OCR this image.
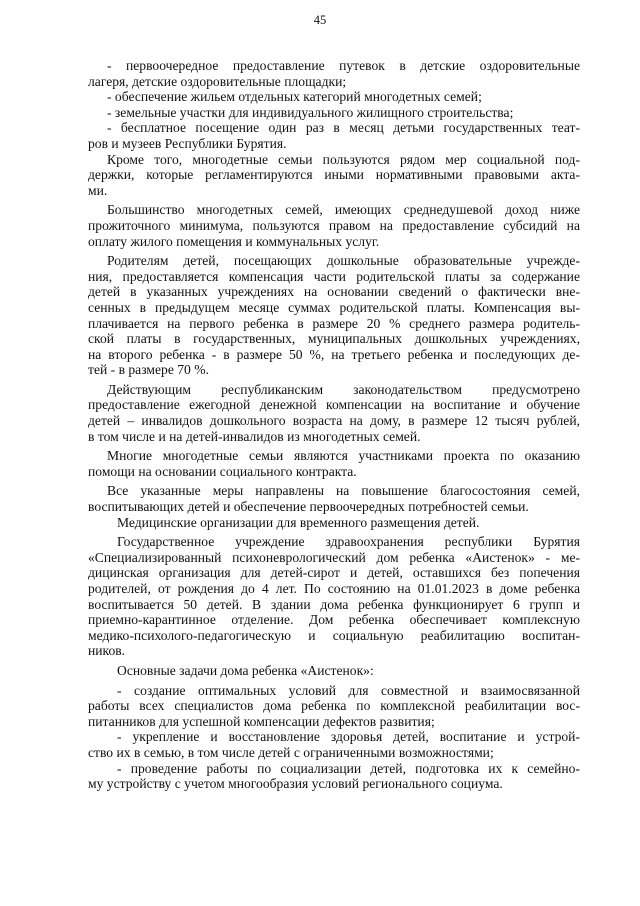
45
- первоочередное предоставление путевок в детские оздоровительные
лагеря, детские оздоровительные площадки;
- обеспечение жильем отдельных категорий многодетных семей;
- земельные участки для индивидуального жилищного строительства;
- бесплатное посещение один раз в месяц детьми государственных теат-
ров и музеев Республики Бурятия.
Кроме того, многодетные семьи пользуются рядом мер социальной под-
держки, которые регламентируются иными нормативными правовыми акта-
ми.
Большинство многодетных семей, имеющих среднедушевой доход ниже
прожиточного минимума, пользуются правом на предоставление субсидий на
оплату жилого помещения и коммунальных услуг.
Родителям детей, посещающих дошкольные образовательные учрежде-
ния, предоставляется компенсация части родительской платы за содержание
детей в указанных учреждениях на основании сведений о фактически вне-
сенных в предыдущем месяце суммах родительской платы. Компенсация вы-
плачивается на первого ребенка в размере 20 % среднего размера родитель-
ской платы в государственных, муниципальных дошкольных учреждениях,
на второго ребенка - в размере 50 %, на третьего ребенка и последующих де-
тей - в размере 70 %.
Действующим республиканским законодательством предусмотрено
предоставление ежегодной денежной компенсации на воспитание и обучение
детей – инвалидов дошкольного возраста на дому, в размере 12 тысяч рублей,
в том числе и на детей-инвалидов из многодетных семей.
Многие многодетные семьи являются участниками проекта по оказанию
помощи на основании социального контракта.
Все указанные меры направлены на повышение благосостояния семей,
воспитывающих детей и обеспечение первоочередных потребностей семьи.
Медицинские организации для временного размещения детей.
Государственное учреждение здравоохранения республики Бурятия
«Специализированный психоневрологический дом ребенка «Аистенок» - ме-
дицинская организация для детей-сирот и детей, оставшихся без попечения
родителей, от рождения до 4 лет. По состоянию на 01.01.2023 в доме ребенка
воспитывается 50 детей. В здании дома ребенка функционирует 6 групп и
приемно-карантинное отделение. Дом ребенка обеспечивает комплексную
медико-психолого-педагогическую и социальную реабилитацию воспитан-
ников.
Основные задачи дома ребенка «Аистенок»:
- создание оптимальных условий для совместной и взаимосвязанной
работы всех специалистов дома ребенка по комплексной реабилитации вос-
питанников для успешной компенсации дефектов развития;
- укрепление и восстановление здоровья детей, воспитание и устрой-
ство их в семью, в том числе детей с ограниченными возможностями;
- проведение работы по социализации детей, подготовка их к семейно-
му устройству с учетом многообразия условий регионального социума.
